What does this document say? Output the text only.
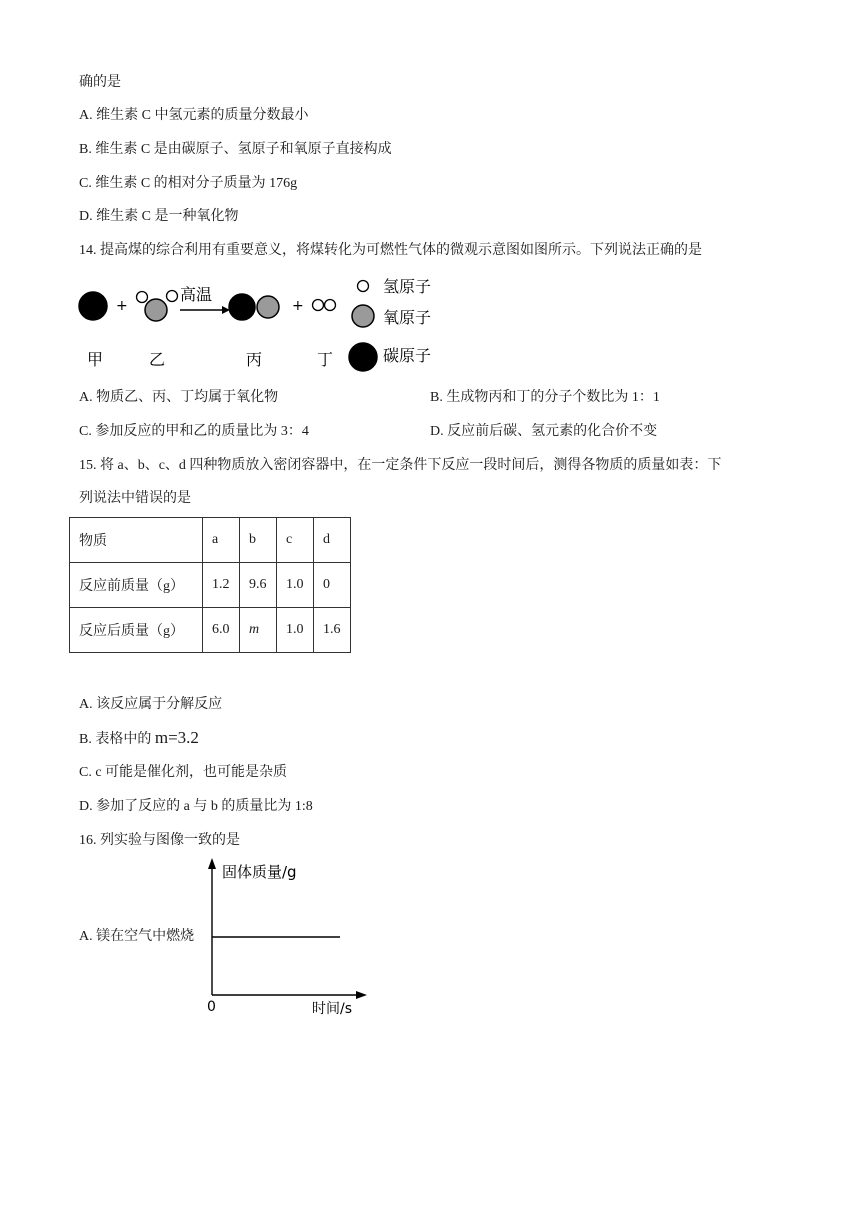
确的是
A. 维生素 C 中氢元素的质量分数最小
B. 维生素 C 是由碳原子、氢原子和氧原子直接构成
C. 维生素 C 的相对分子质量为 176g
D. 维生素 C 是一种氧化物
14. 提高煤的综合利用有重要意义，将煤转化为可燃性气体的微观示意图如图所示。下列说法正确的是
+
高温
+
甲	乙	丙	丁
氢原子
氧原子
碳原子
A. 物质乙、丙、丁均属于氧化物	B. 生成物丙和丁的分子个数比为 1：1
C. 参加反应的甲和乙的质量比为 3：4	D. 反应前后碳、氢元素的化合价不变
15. 将 a、b、c、d 四种物质放入密闭容器中，在一定条件下反应一段时间后，测得各物质的质量如表：下
列说法中错误的是
物质	a	b	c	d
反应前质量（g）	1.2	9.6	1.0	0
反应后质量（g）	6.0	m	1.0	1.6
A. 该反应属于分解反应
B. 表格中的 m=3.2
C. c 可能是催化剂，也可能是杂质
D. 参加了反应的 a 与 b 的质量比为 1:8
16. 列实验与图像一致的是
A. 镁在空气中燃烧
固体质量/g
0	时间/s
